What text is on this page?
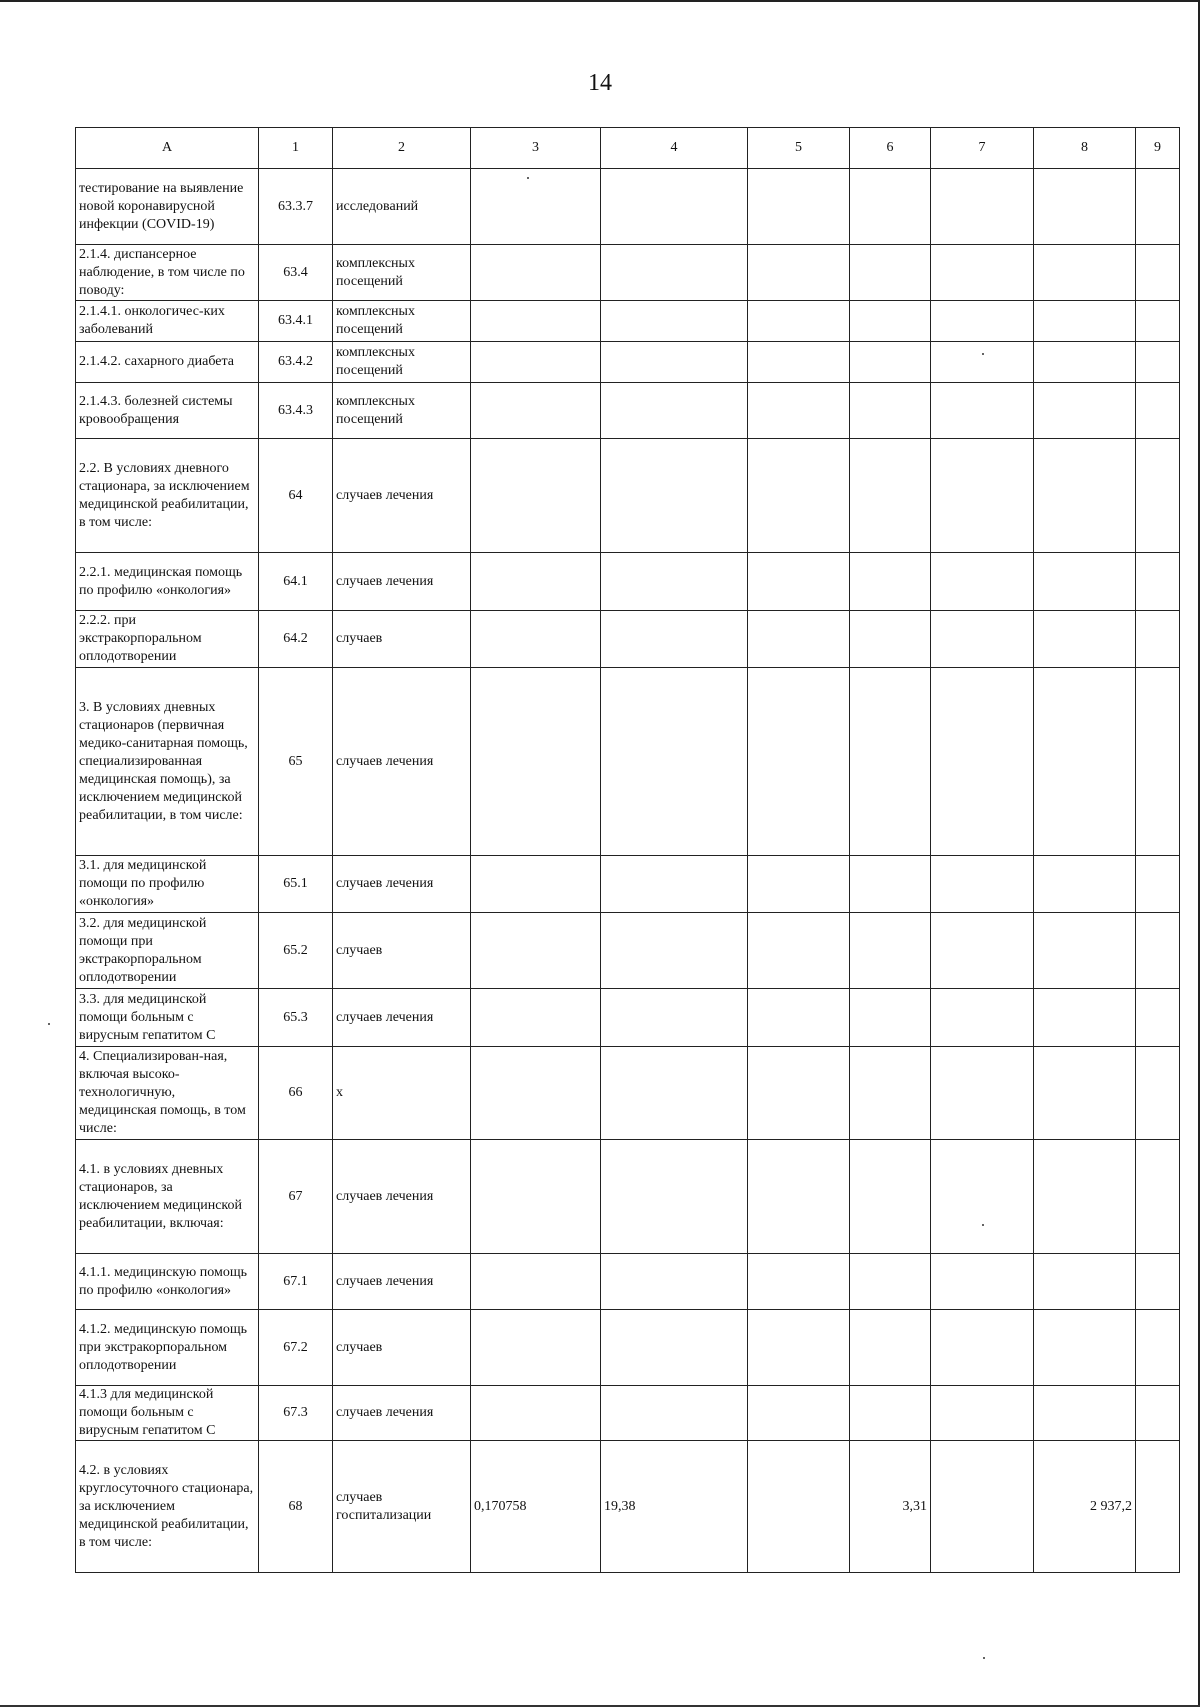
14
А	1	2	3	4	5	6	7	8	9
тестирование на выявление новой коронавирусной инфекции (COVID-19)	63.3.7	исследований							
2.1.4. диспансерное наблюдение, в том числе по поводу:	63.4	комплексных посещений							
2.1.4.1. онкологичес-ких заболеваний	63.4.1	комплексных посещений							
2.1.4.2. сахарного диабета	63.4.2	комплексных посещений							
2.1.4.3. болезней системы кровообращения	63.4.3	комплексных посещений							
2.2. В условиях дневного стационара, за исключением медицинской реабилитации, в том числе:	64	случаев лечения							
2.2.1. медицинская помощь по профилю «онкология»	64.1	случаев лечения							
2.2.2. при экстракорпоральном оплодотворении	64.2	случаев							
3. В условиях дневных стационаров (первичная медико-санитарная помощь, специализированная медицинская помощь), за исключением медицинской реабилитации, в том числе:	65	случаев лечения							
3.1. для медицинской помощи по профилю «онкология»	65.1	случаев лечения							
3.2. для медицинской помощи при экстракорпоральном оплодотворении	65.2	случаев							
3.3. для медицинской помощи больным с вирусным гепатитом С	65.3	случаев лечения							
4. Специализирован-ная, включая высоко-технологичную, медицинская помощь, в том числе:	66	х							
4.1. в условиях дневных стационаров, за исключением медицинской реабилитации, включая:	67	случаев лечения							
4.1.1. медицинскую помощь по профилю «онкология»	67.1	случаев лечения							
4.1.2. медицинскую помощь при экстракорпоральном оплодотворении	67.2	случаев							
4.1.3 для медицинской помощи больным с вирусным гепатитом С	67.3	случаев лечения							
4.2. в условиях круглосуточного стационара, за исключением медицинской реабилитации, в том числе:	68	случаев госпитализации	0,170758	19,38		3,31		2 937,2	
